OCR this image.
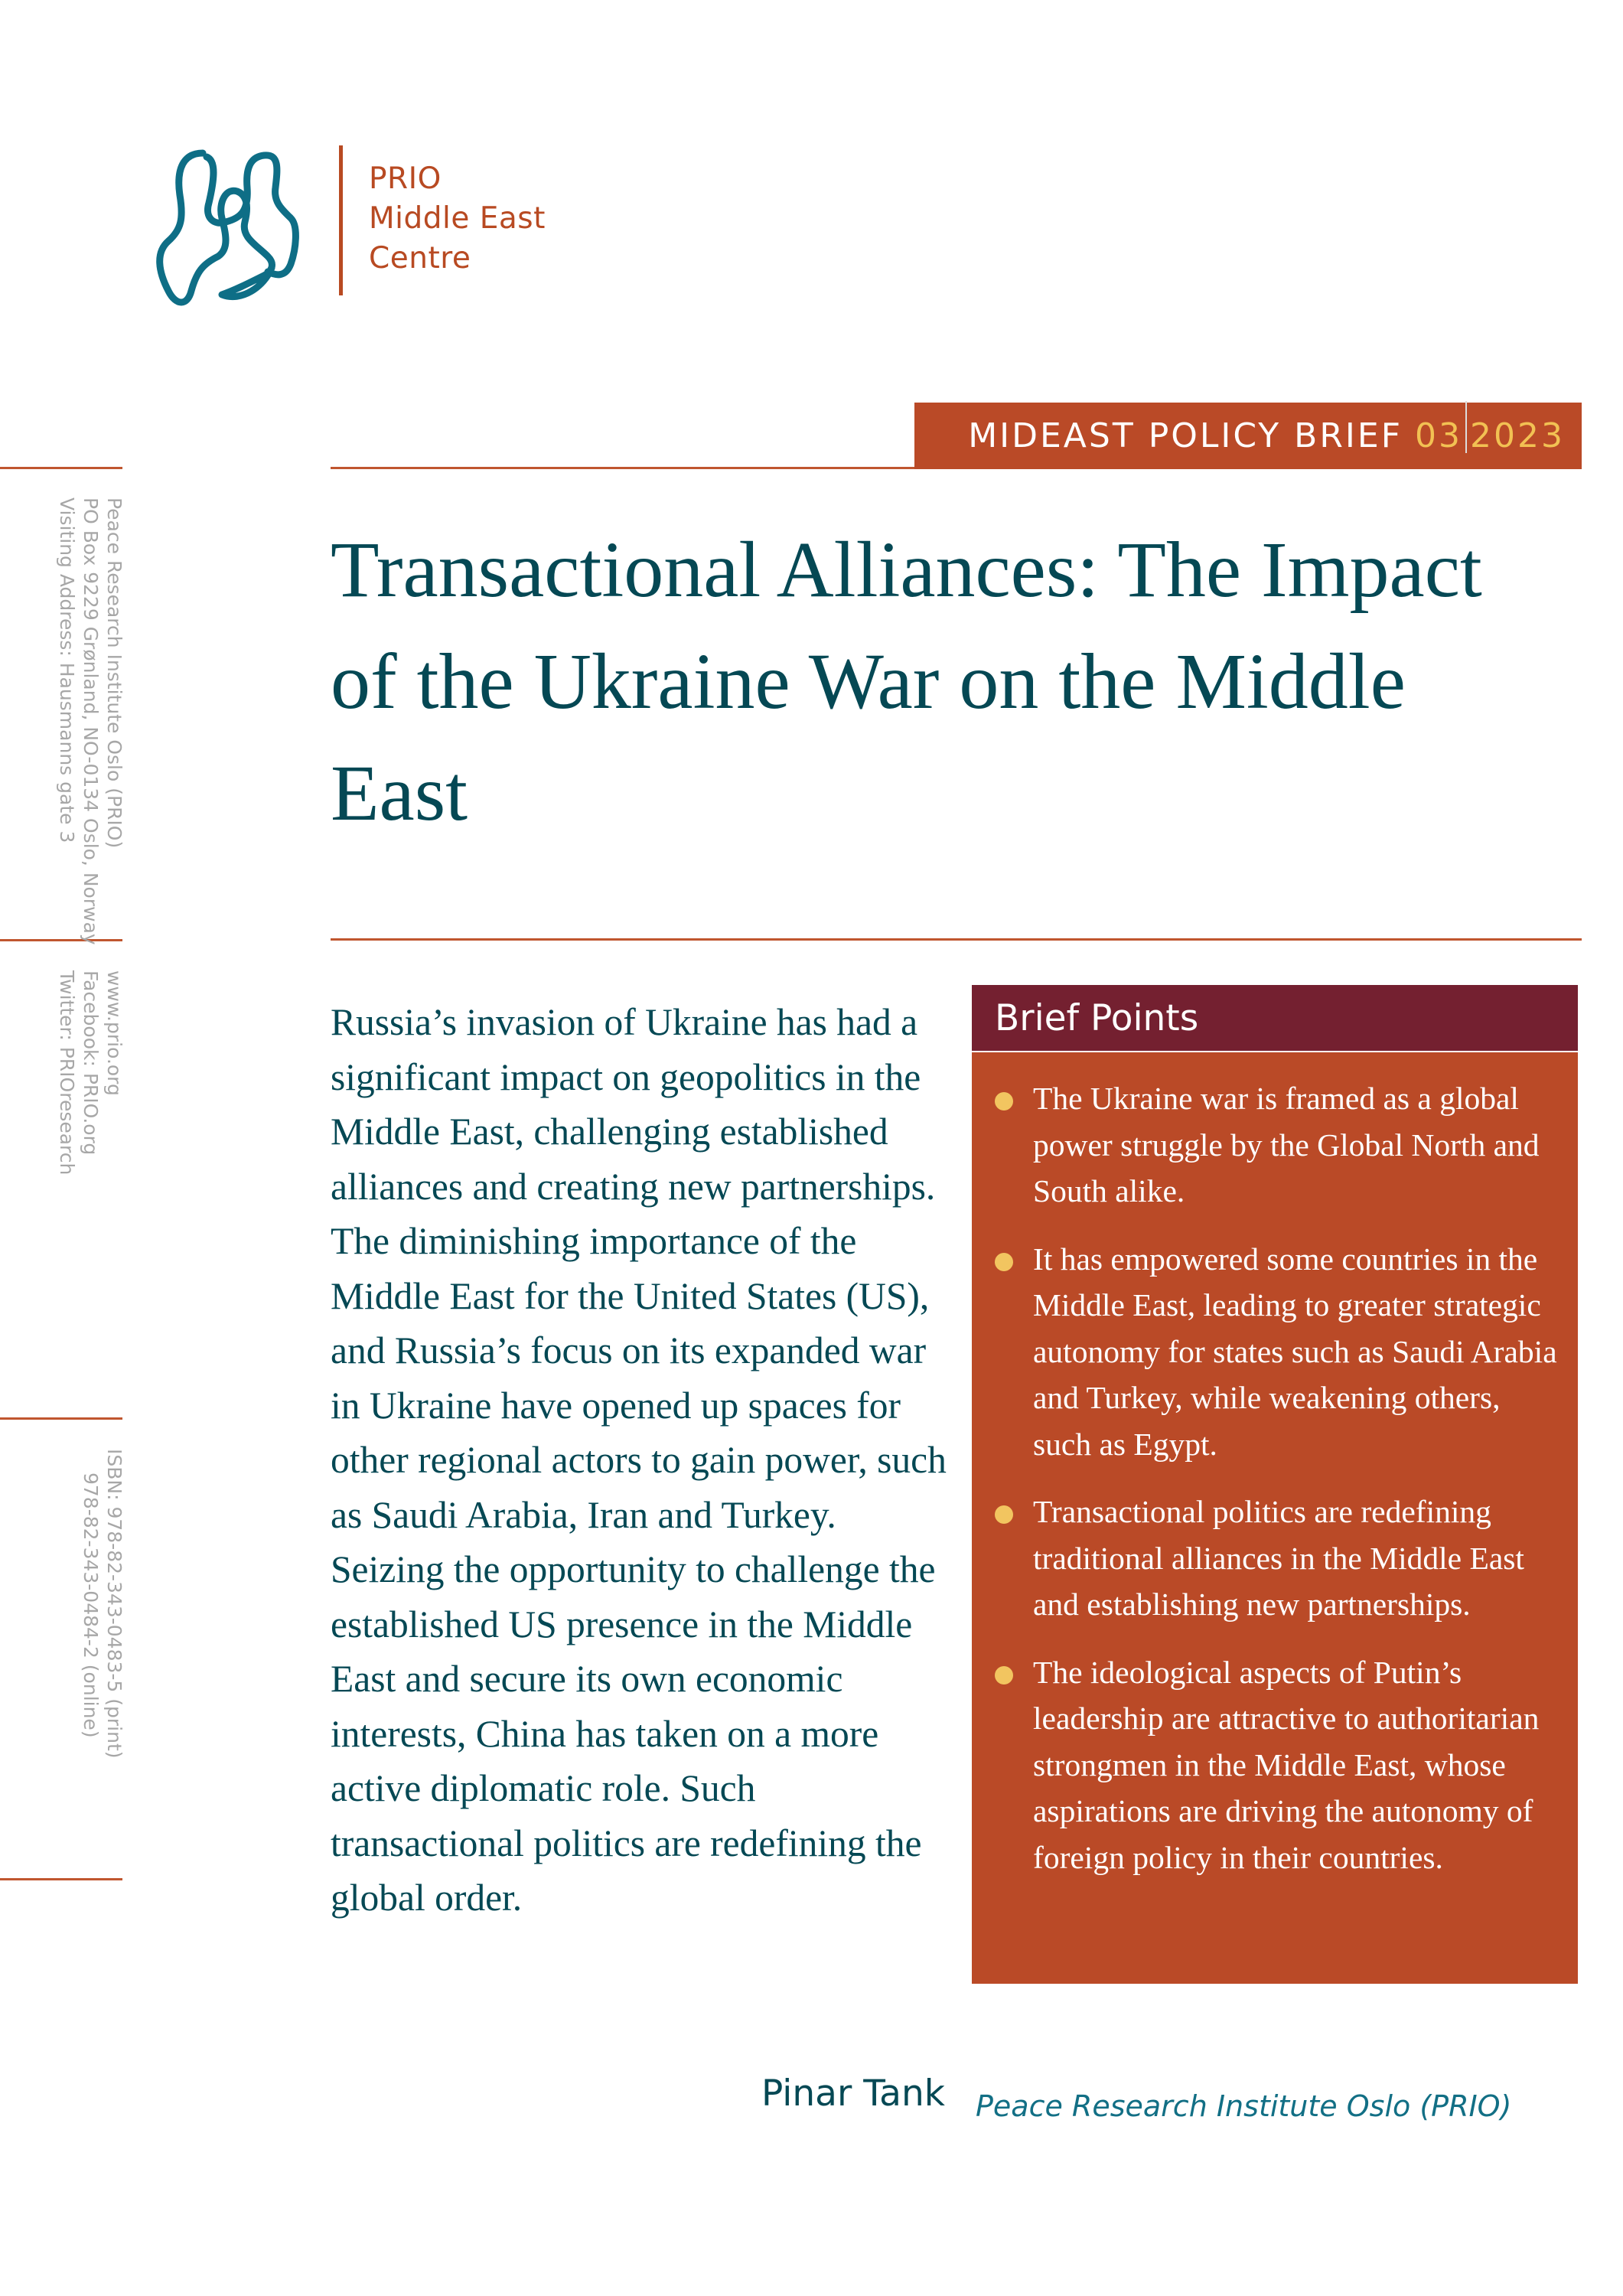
PRIO
Middle East
Centre
MIDEAST POLICY BRIEF 03 2023
Peace Research Institute Oslo (PRIO)
PO Box 9229 Grønland, NO-0134 Oslo, Norway
Visiting Address: Hausmanns gate 3
www.prio.org
Facebook: PRIO.org
Twitter: PRIOresearch
ISBN: 978-82-343-0483-5 (print)
978-82-343-0484-2 (online)
Transactional Alliances: The Impact of the Ukraine War on the Middle East

Russia’s invasion of Ukraine has had a significant impact on geopolitics in the Middle East, challenging established alliances and creating new partnerships. The diminishing importance of the Middle East for the United States (US), and Russia’s focus on its expanded war in Ukraine have opened up spaces for other regional actors to gain power, such as Saudi Arabia, Iran and Turkey. Seizing the opportunity to challenge the established US presence in the Middle East and secure its own economic interests, China has taken on a more active diplomatic role. Such transactional politics are redefining the global order.

Brief Points
The Ukraine war is framed as a global power struggle by the Global North and South alike.
It has empowered some countries in the Middle East, leading to greater strategic autonomy for states such as Saudi Arabia and Turkey, while weakening others, such as Egypt.
Transactional politics are redefining traditional alliances in the Middle East and establishing new partnerships.
The ideological aspects of Putin’s leadership are attractive to authoritarian strongmen in the Middle East, whose aspirations are driving the autonomy of foreign policy in their countries.
Pinar Tank Peace Research Institute Oslo (PRIO)
